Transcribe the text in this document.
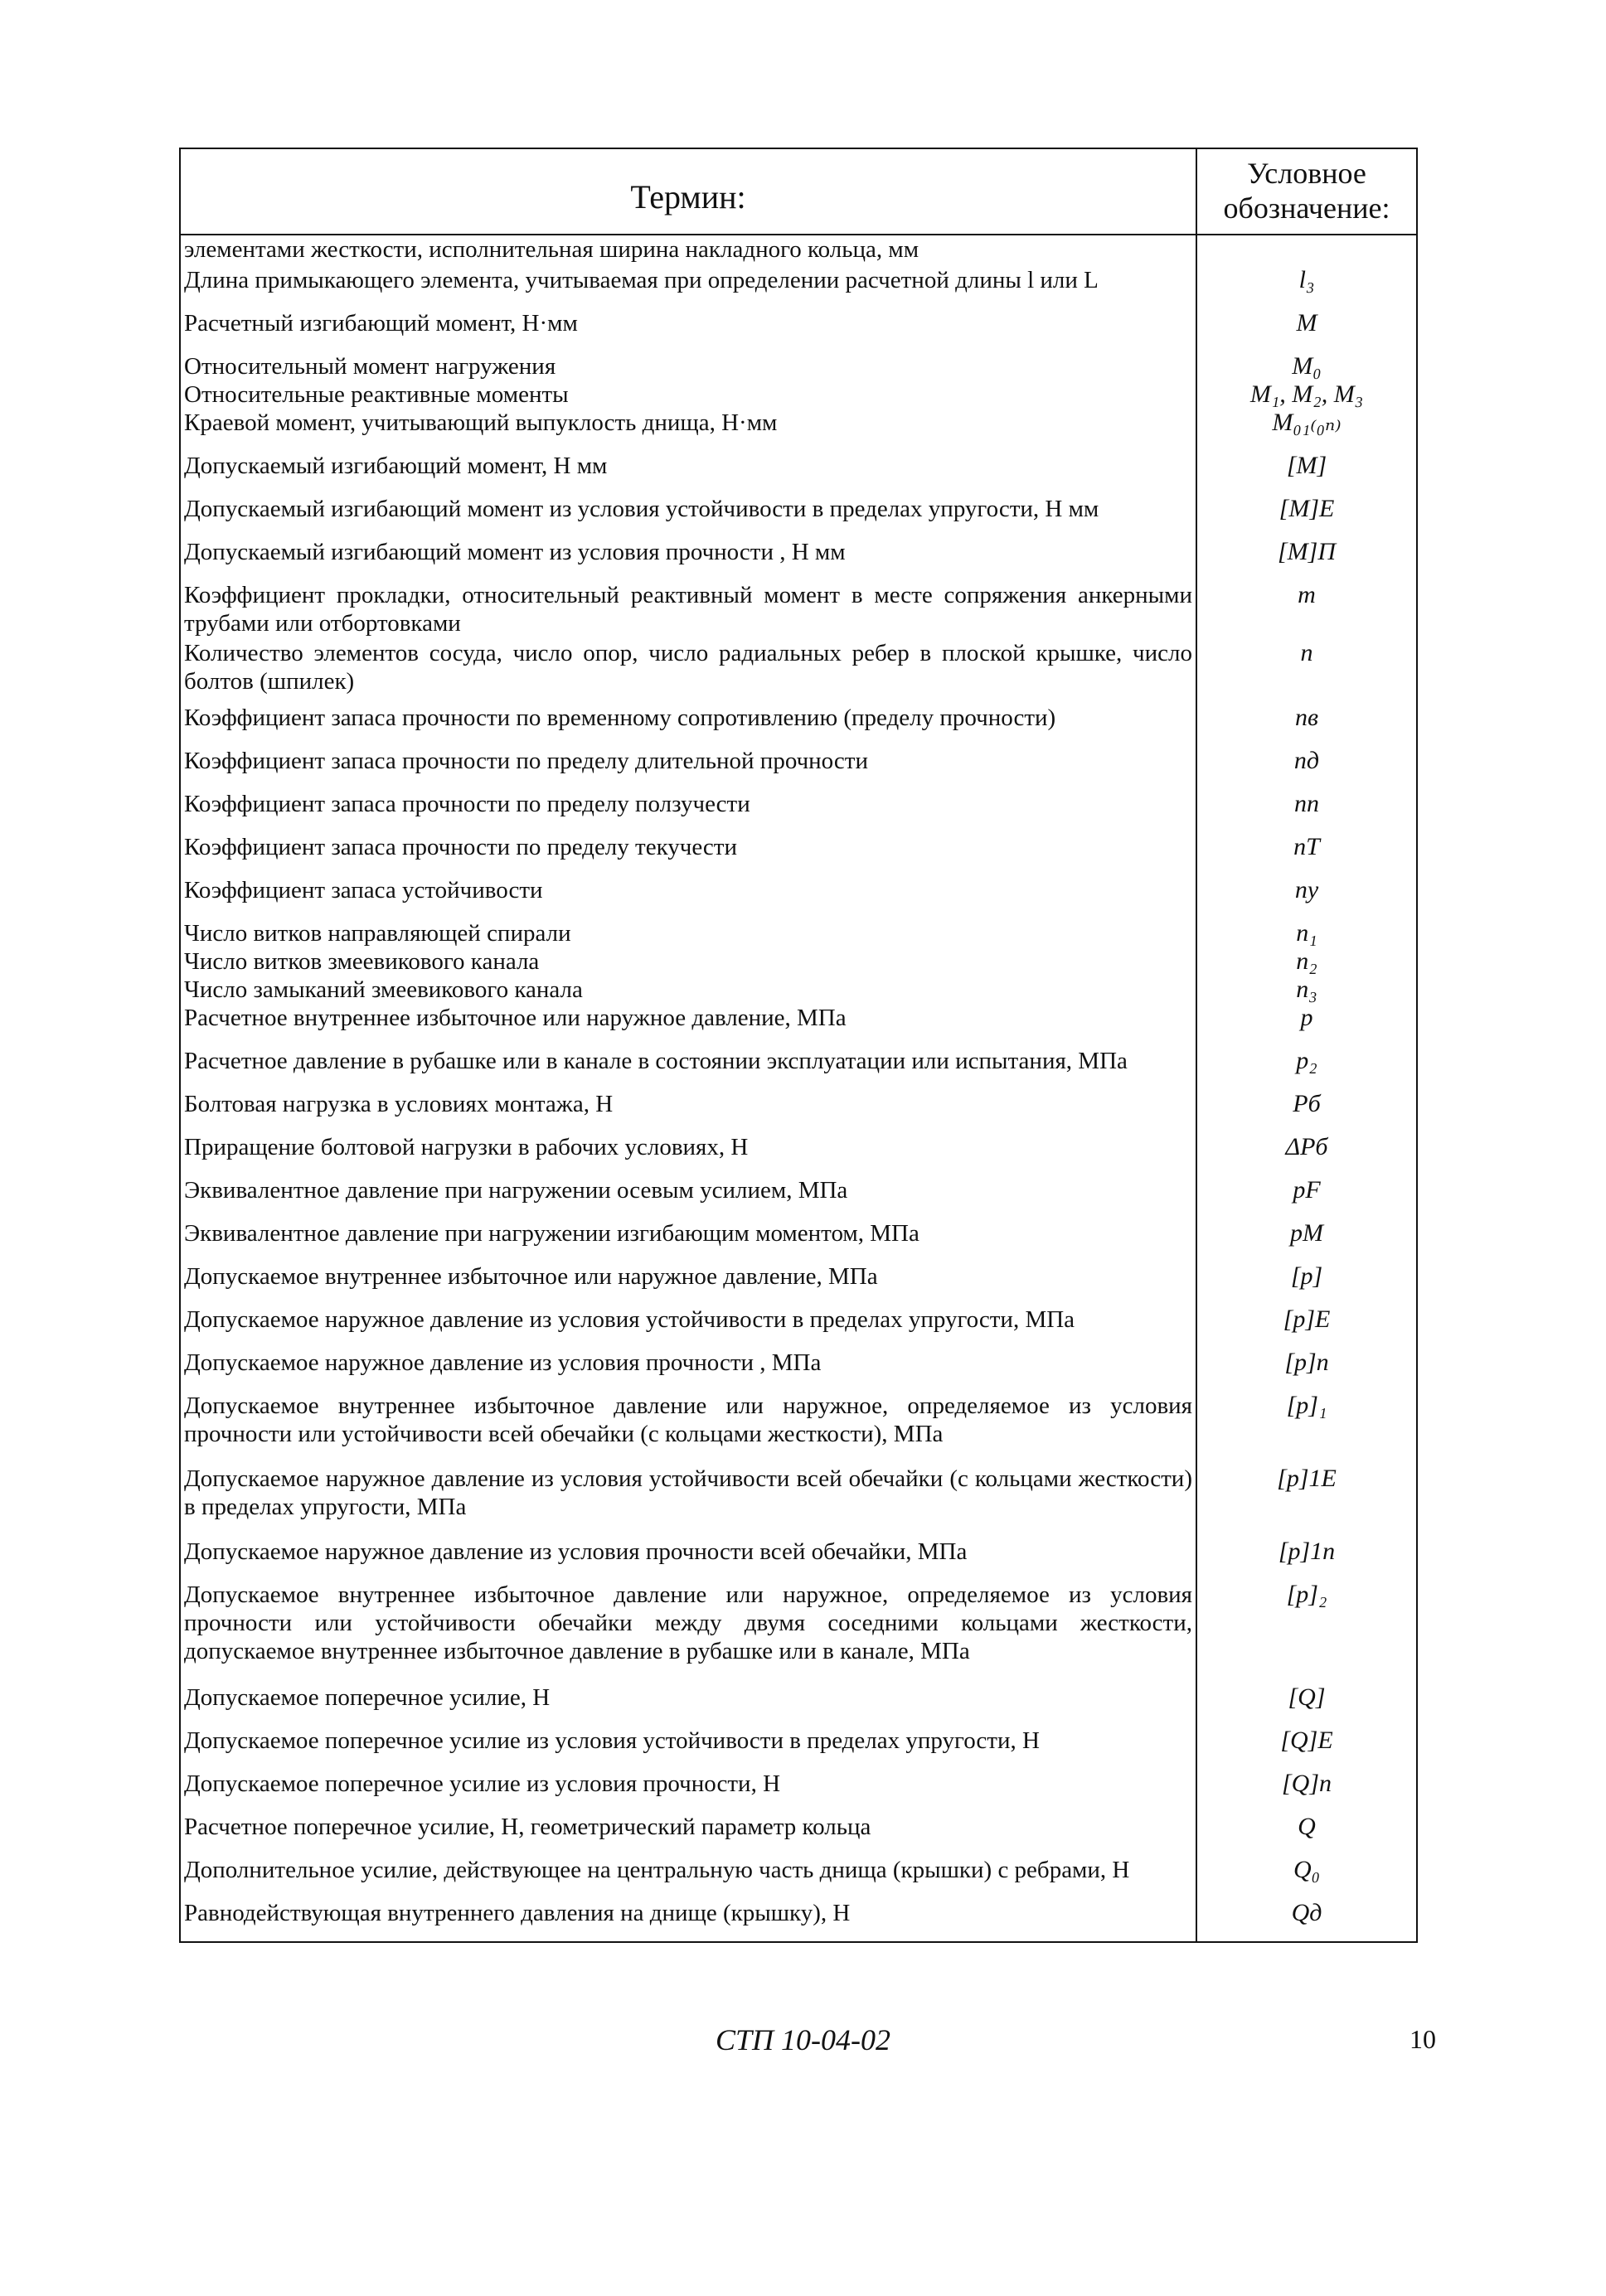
Термин:	Условное
обозначение:

элементами жесткости, исполнительная ширина накладного кольца, мм	
Длина примыкающего элемента, учитываемая при определении расчетной длины l или L	l₃
Расчетный изгибающий момент, Н·мм	M
Относительный момент нагружения	M₀
Относительные реактивные моменты	M₁, M₂, M₃
Краевой момент, учитывающий выпуклость днища, Н·мм	M₀₁₍₀ₙ₎
Допускаемый изгибающий момент, Н мм	[M]
Допускаемый изгибающий момент из условия устойчивости в пределах упругости, Н мм	[M]E
Допускаемый изгибающий момент из условия прочности , Н мм	[M]П
Коэффициент прокладки, относительный реактивный момент в месте сопряжения анкерными трубами или отбортовками	m
Количество элементов сосуда, число опор, число радиальных ребер в плоской крышке, число болтов (шпилек)	n
Коэффициент запаса прочности по временному сопротивлению (пределу прочности)	nв
Коэффициент запаса прочности по пределу длительной прочности	nд
Коэффициент запаса прочности по пределу ползучести	nп
Коэффициент запаса прочности по пределу текучести	nT
Коэффициент запаса устойчивости	nу
Число витков направляющей спирали	n₁
Число витков змеевикового канала	n₂
Число замыканий змеевикового канала	n₃
Расчетное внутреннее избыточное или наружное давление, МПа	p
Расчетное давление в рубашке или в канале в состоянии эксплуатации или испытания, МПа	p₂
Болтовая нагрузка в условиях монтажа, Н	Pб
Приращение болтовой нагрузки в рабочих условиях, Н	ΔPб
Эквивалентное давление при нагружении осевым усилием, МПа	pF
Эквивалентное давление при нагружении изгибающим моментом, МПа	pM
Допускаемое внутреннее избыточное или наружное давление, МПа	[p]
Допускаемое наружное давление из условия устойчивости в пределах упругости, МПа	[p]E
Допускаемое наружное давление из условия прочности , МПа	[p]п
Допускаемое внутреннее избыточное давление или наружное, определяемое из условия прочности или устойчивости всей обечайки (с кольцами жесткости), МПа	[p]₁
Допускаемое наружное давление из условия устойчивости всей обечайки (с кольцами жесткости) в пределах упругости, МПа	[p]1E
Допускаемое наружное давление из условия прочности всей обечайки, МПа	[p]1п
Допускаемое внутреннее избыточное давление или наружное, определяемое из условия прочности или устойчивости обечайки между двумя соседними кольцами жесткости, допускаемое внутреннее избыточное давление в рубашке или в канале, МПа	[p]₂
Допускаемое поперечное усилие, Н	[Q]
Допускаемое поперечное усилие из условия устойчивости в пределах упругости, Н	[Q]E
Допускаемое поперечное усилие из условия прочности, Н	[Q]п
Расчетное поперечное усилие, Н, геометрический параметр кольца	Q
Дополнительное усилие, действующее на центральную часть днища (крышки) с ребрами, Н	Q₀
Равнодействующая внутреннего давления на днище (крышку), Н	Qд
СТП 10-04-02	10
